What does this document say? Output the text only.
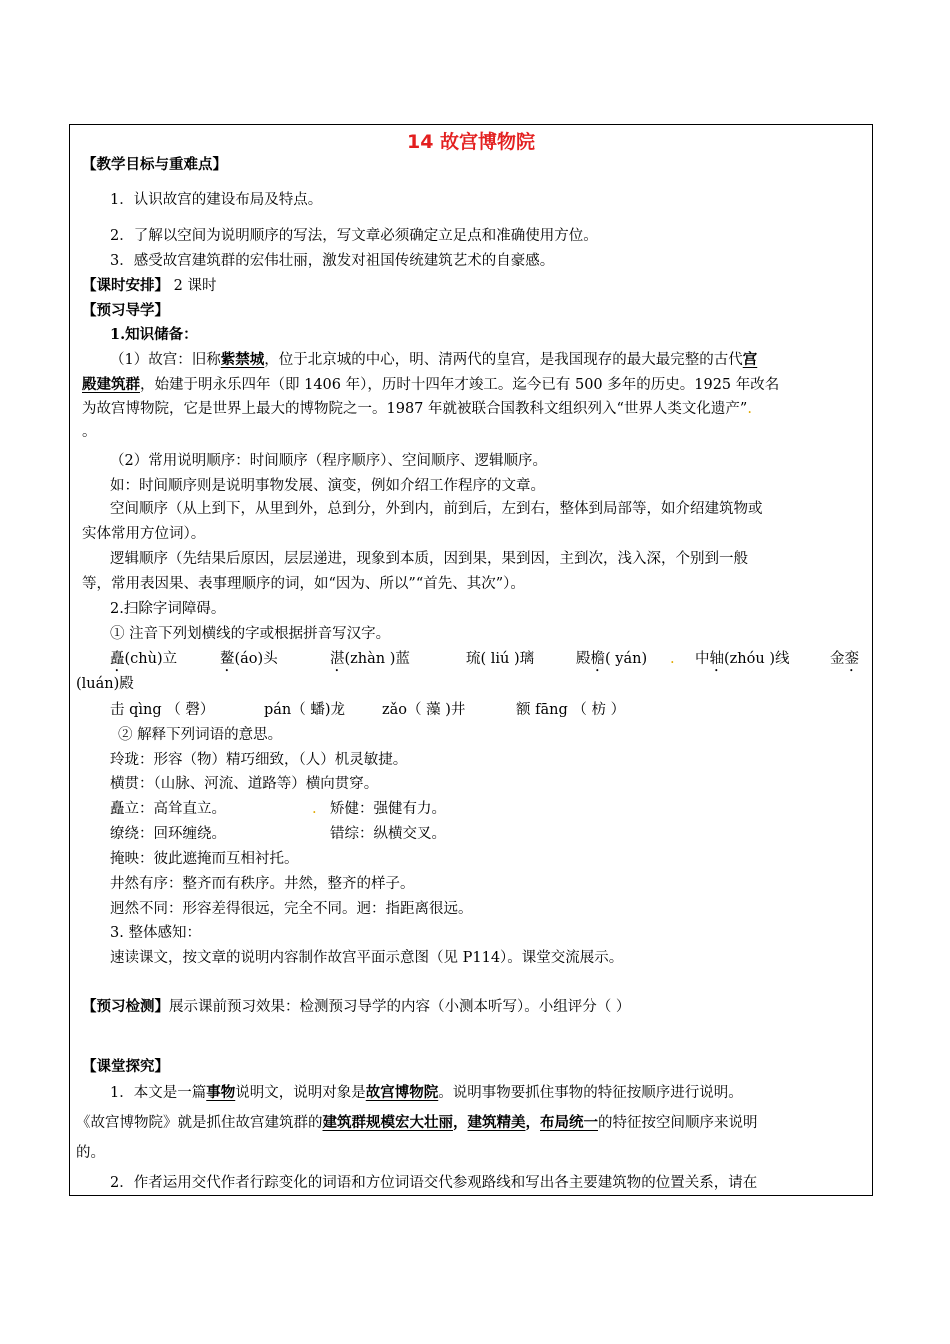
14 故宫博物院
【教学目标与重难点】
1．认识故宫的建设布局及特点。
2．了解以空间为说明顺序的写法，写文章必须确定立足点和准确使用方位。
3．感受故宫建筑群的宏伟壮丽，激发对祖国传统建筑艺术的自豪感。
【课时安排】 2 课时
【预习导学】
1.知识储备：
（1）故宫：旧称紫禁城，位于北京城的中心，明、清两代的皇宫，是我国现存的最大最完整的古代宫
殿建筑群，始建于明永乐四年（即 1406 年），历时十四年才竣工。迄今已有 500 多年的历史。1925 年改名
为故宫博物院，它是世界上最大的博物院之一。1987 年就被联合国教科文组织列入“世界人类文化遗产”.
。
（2）常用说明顺序：时间顺序（程序顺序）、空间顺序、逻辑顺序。
如：时间顺序则是说明事物发展、演变，例如介绍工作程序的文章。
空间顺序（从上到下，从里到外，总到分，外到内，前到后，左到右，整体到局部等，如介绍建筑物或
实体常用方位词）。
逻辑顺序（先结果后原因，层层递进，现象到本质，因到果，果到因，主到次，浅入深，个别到一般
等，常用表因果、表事理顺序的词，如“因为、所以”“首先、其次”）。
2.扫除字词障碍。
① 注音下列划横线的字或根据拼音写汉字。
矗(chù)立	鳌(áo)头	湛(zhàn )蓝	琉( liú )璃	殿檐( yán) . 中轴(zhóu )线	金銮
(luán)殿
击 qìng （ 磬）	pán（ 蟠)龙	zǎo（ 藻 )井	额 fāng （ 枋 ）
② 解释下列词语的意思。
玲珑：形容（物）精巧细致，（人）机灵敏捷。
横贯：（山脉、河流、道路等）横向贯穿。
矗立：高耸直立。	. 矫健：强健有力。
缭绕：回环缠绕。	错综：纵横交叉。
掩映：彼此遮掩而互相衬托。
井然有序：整齐而有秩序。井然，整齐的样子。
迥然不同：形容差得很远，完全不同。迥：指距离很远。
3. 整体感知：
速读课文，按文章的说明内容制作故宫平面示意图（见 P114）。课堂交流展示。
【预习检测】展示课前预习效果：检测预习导学的内容（小测本听写）。小组评分（ ）
【课堂探究】
1．本文是一篇事物说明文，说明对象是故宫博物院。说明事物要抓住事物的特征按顺序进行说明。
《故宫博物院》就是抓住故宫建筑群的建筑群规模宏大壮丽，建筑精美，布局统一的特征按空间顺序来说明
的。
2．作者运用交代作者行踪变化的词语和方位词语交代参观路线和写出各主要建筑物的位置关系，请在
